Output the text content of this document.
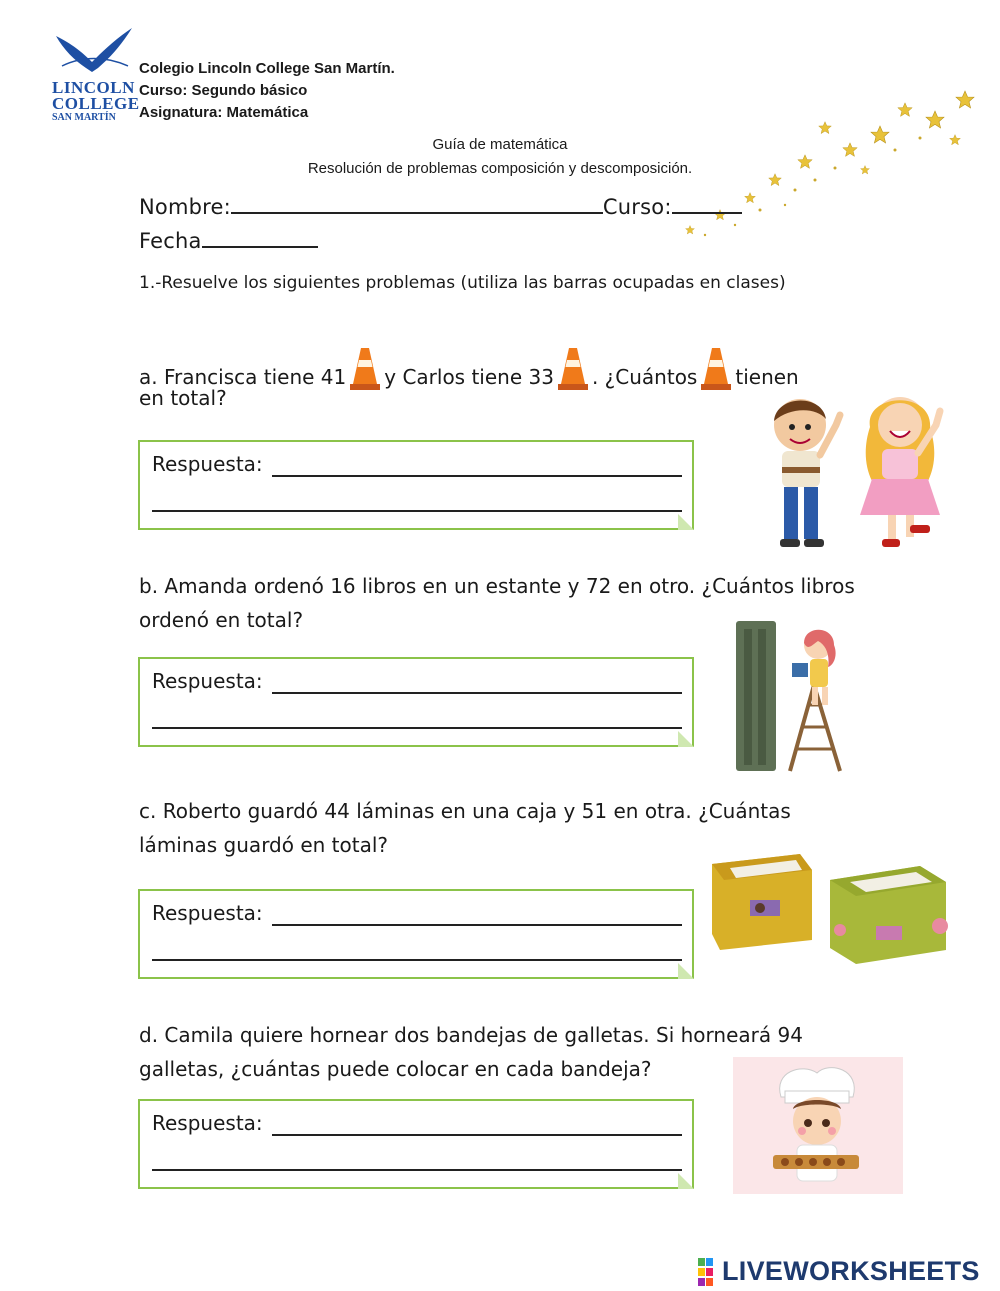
LINCOLN
COLLEGE
SAN MARTÍN
Colegio Lincoln College San Martín.
Curso: Segundo básico
Asignatura: Matemática
Guía de matemática
Resolución de problemas composición y descomposición.
Nombre:	Curso:
Fecha
1.-Resuelve los siguientes problemas (utiliza las barras ocupadas en clases)
a. Francisca tiene 41 y Carlos tiene 33 . ¿Cuántos tienen
en total?
Respuesta:
b. Amanda ordenó 16 libros en un estante y 72 en otro. ¿Cuántos libros ordenó en total?
Respuesta:
c. Roberto guardó 44 láminas en una caja y 51 en otra. ¿Cuántas láminas guardó en total?
Respuesta:
d. Camila quiere hornear dos bandejas de galletas. Si horneará 94 galletas, ¿cuántas puede colocar en cada bandeja?
Respuesta:
LIVEWORKSHEETS
